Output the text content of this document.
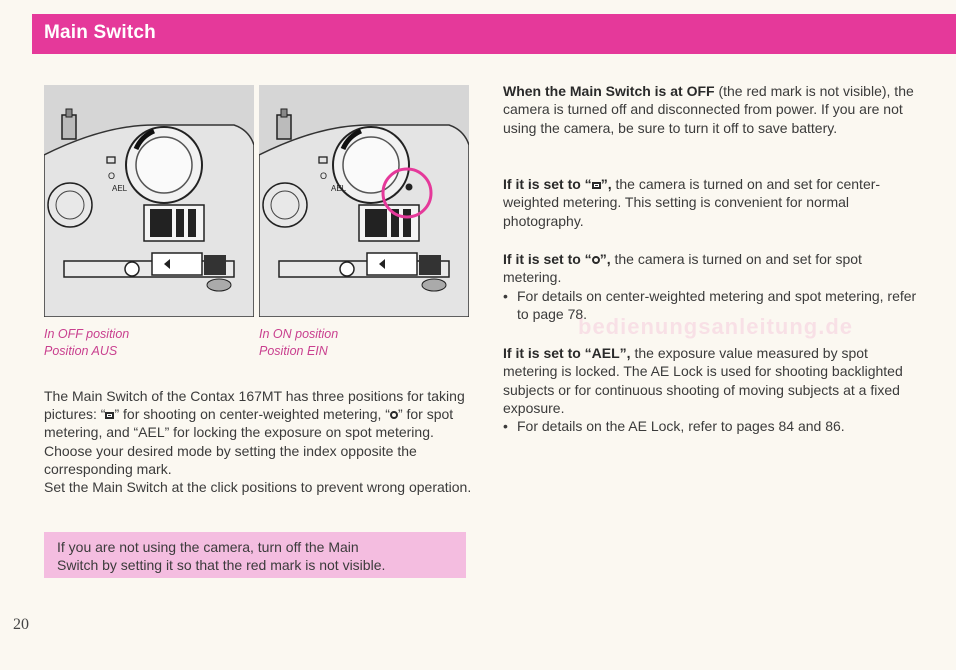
Main Switch
O
AEL
In OFF position
Position AUS
O
AEL
In ON position
Position EIN
The Main Switch of the Contax 167MT has three positions for taking pictures: “ ” for shooting on center-weighted metering, “ ” for spot metering, and “AEL” for locking the exposure on spot metering. Choose your desired mode by setting the index opposite the corresponding mark.
Set the Main Switch at the click positions to prevent wrong operation.
If you are not using the camera, turn off the Main
Switch by setting it so that the red mark is not visible.
20
When the Main Switch is at OFF (the red mark is not visible), the camera is turned off and disconnected from power. If you are not using the camera, be sure to turn it off to save battery.
If it is set to “ ”, the camera is turned on and set for center-weighted metering. This setting is convenient for normal photography.
If it is set to “ ”, the camera is turned on and set for spot metering.
• For details on center-weighted metering and spot metering, refer to page 78.
bedienungsanleitung.de
If it is set to “AEL”, the exposure value measured by spot metering is locked. The AE Lock is used for shooting backlighted subjects or for continuous shooting of moving subjects at a fixed exposure.
• For details on the AE Lock, refer to pages 84 and 86.
